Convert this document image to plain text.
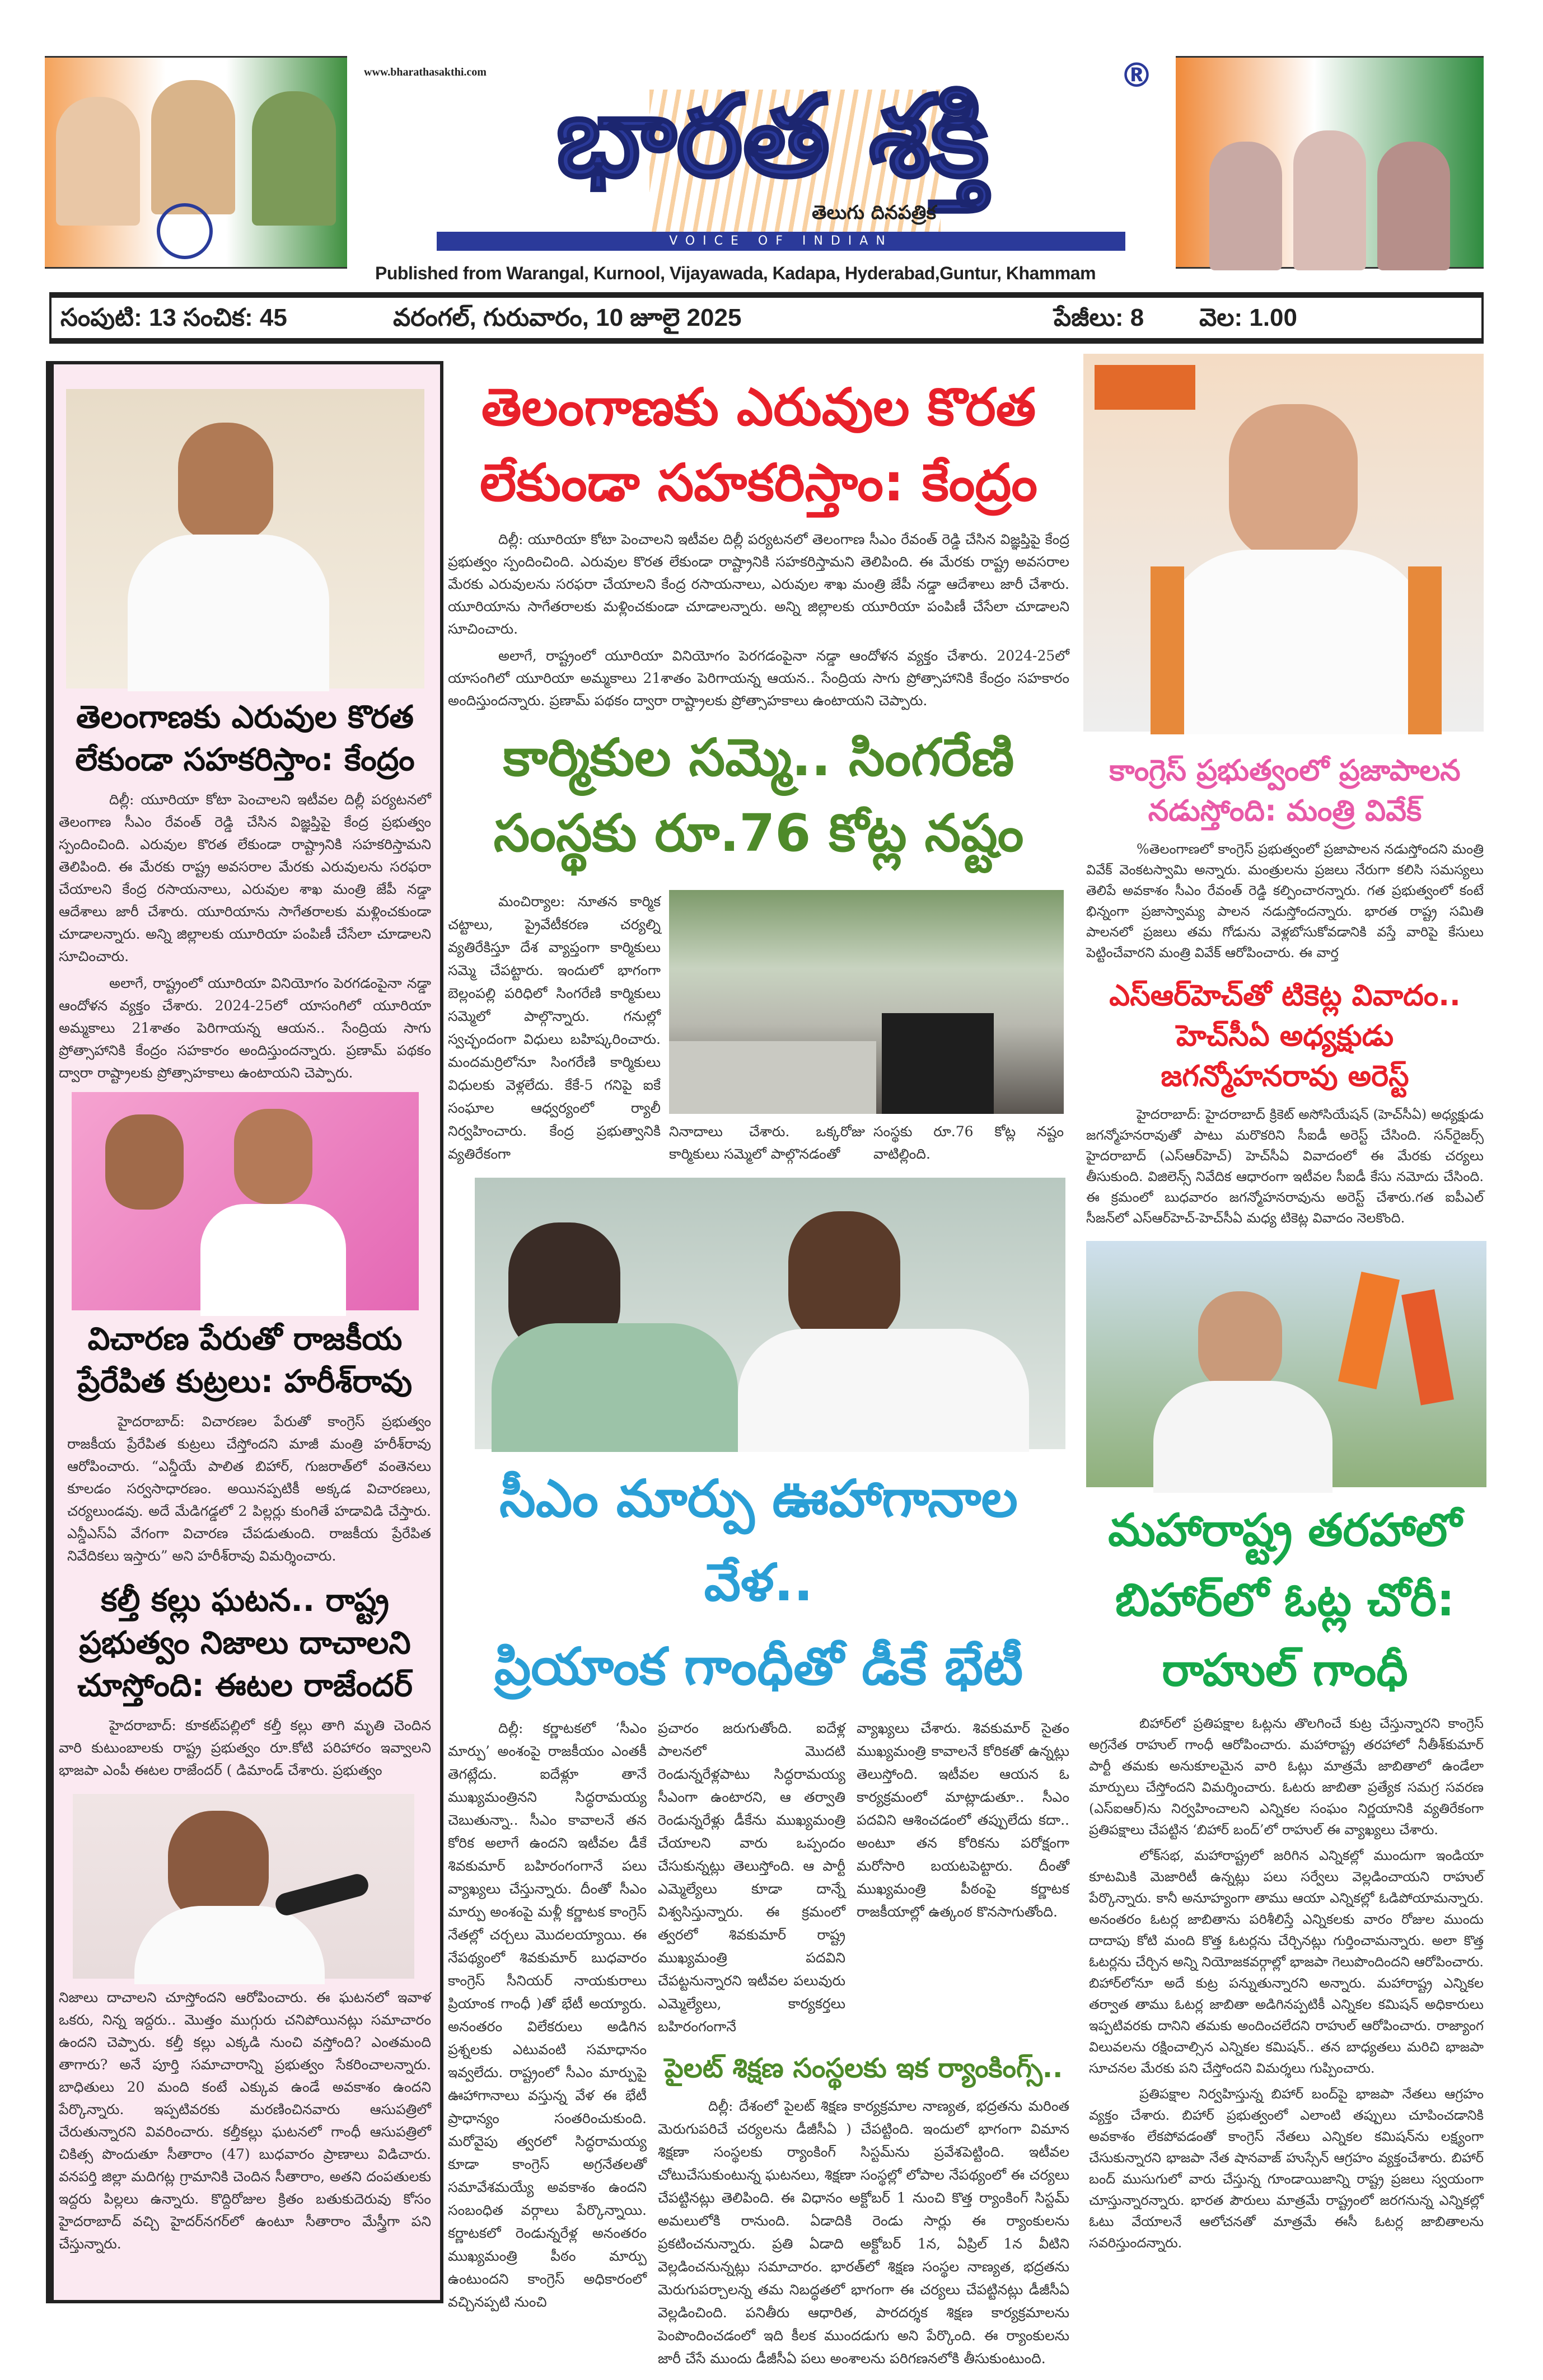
www.bharathasakthi.com భారత శక్తి	®
తెలుగు దినపత్రిక
VOICE OF INDIAN
Published from Warangal, Kurnool, Vijayawada, Kadapa, Hyderabad,Guntur, Khammam
సంపుటి: 13 సంచిక: 45	వరంగల్, గురువారం, 10 జూలై 2025	పేజీలు: 8 వెల: 1.00
తెలంగాణకు ఎరువుల కొరత లేకుండా సహకరిస్తాం: కేంద్రం

దిల్లీ: యూరియా కోటా పెంచాలని ఇటీవల దిల్లీ పర్యటనలో తెలంగాణ సీఎం రేవంత్ రెడ్డి చేసిన విజ్ఞప్తిపై కేంద్ర ప్రభుత్వం స్పందించింది. ఎరువుల కొరత లేకుండా రాష్ట్రానికి సహకరిస్తామని తెలిపింది. ఈ మేరకు రాష్ట్ర అవసరాల మేరకు ఎరువులను సరఫరా చేయాలని కేంద్ర రసాయనాలు, ఎరువుల శాఖ మంత్రి జేపీ నడ్డా ఆదేశాలు జారీ చేశారు. యూరియాను సాగేతరాలకు మళ్లించకుండా చూడాలన్నారు. అన్ని జిల్లాలకు యూరియా పంపిణీ చేసేలా చూడాలని సూచించారు.

అలాగే, రాష్ట్రంలో యూరియా వినియోగం పెరగడంపైనా నడ్డా ఆందోళన వ్యక్తం చేశారు. 2024-25లో యాసంగిలో యూరియా అమ్మకాలు 21శాతం పెరిగాయన్న ఆయన.. సేంద్రియ సాగు ప్రోత్సాహానికి కేంద్రం సహకారం అందిస్తుందన్నారు. ప్రణామ్ పథకం ద్వారా రాష్ట్రాలకు ప్రోత్సాహకాలు ఉంటాయని చెప్పారు.

విచారణ పేరుతో రాజకీయ ప్రేరేపిత కుట్రలు: హరీశ్‌రావు

హైదరాబాద్: విచారణల పేరుతో కాంగ్రెస్ ప్రభుత్వం రాజకీయ ప్రేరేపిత కుట్రలు చేస్తోందని మాజీ మంత్రి హరీశ్‌రావు ఆరోపించారు. “ఎన్డీయే పాలిత బిహార్, గుజరాత్‌లో వంతెనలు కూలడం సర్వసాధారణం. అయినప్పటికీ అక్కడ విచారణలు, చర్యలుండవు. అదే మేడిగడ్డలో 2 పిల్లర్లు కుంగితే హడావిడి చేస్తారు. ఎన్డీఎస్‌ఏ వేగంగా విచారణ చేపడుతుంది. రాజకీయ ప్రేరేపిత నివేదికలు ఇస్తారు” అని హరీశ్‌రావు విమర్శించారు.

కల్తీ కల్లు ఘటన.. రాష్ట్ర ప్రభుత్వం నిజాలు దాచాలని చూస్తోంది: ఈటల రాజేందర్

హైదరాబాద్: కూకట్‌పల్లిలో కల్తీ కల్లు తాగి మృతి చెందిన వారి కుటుంబాలకు రాష్ట్ర ప్రభుత్వం రూ.కోటి పరిహారం ఇవ్వాలని భాజపా ఎంపీ ఈటల రాజేందర్ ( డిమాండ్ చేశారు. ప్రభుత్వం

నిజాలు దాచాలని చూస్తోందని ఆరోపించారు. ఈ ఘటనలో ఇవాళ ఒకరు, నిన్న ఇద్దరు.. మొత్తం ముగ్గురు చనిపోయినట్లు సమాచారం ఉందని చెప్పారు. కల్తీ కల్లు ఎక్కడి నుంచి వస్తోంది? ఎంతమంది తాగారు? అనే పూర్తి సమాచారాన్ని ప్రభుత్వం సేకరించాలన్నారు. బాధితులు 20 మంది కంటే ఎక్కువ ఉండే అవకాశం ఉందని పేర్కొన్నారు. ఇప్పటివరకు మరణించినవారు ఆసుపత్రిలో చేరుతున్నారని వివరించారు. కల్తీకల్లు ఘటనలో గాంధీ ఆసుపత్రిలో చికిత్స పొందుతూ సీతారాం (47) బుధవారం ప్రాణాలు విడిచారు. వనపర్తి జిల్లా మదిగట్ల గ్రామానికి చెందిన సీతారాం, అతని దంపతులకు ఇద్దరు పిల్లలు ఉన్నారు. కొద్దిరోజుల క్రితం బతుకుదెరువు కోసం హైదరాబాద్ వచ్చి హైదర్‌నగర్‌లో ఉంటూ సీతారాం మేస్త్రీగా పని చేస్తున్నారు.

తెలంగాణకు ఎరువుల కొరత
లేకుండా సహకరిస్తాం: కేంద్రం

దిల్లీ: యూరియా కోటా పెంచాలని ఇటీవల దిల్లీ పర్యటనలో తెలంగాణ సీఎం రేవంత్ రెడ్డి చేసిన విజ్ఞప్తిపై కేంద్ర ప్రభుత్వం స్పందించింది. ఎరువుల కొరత లేకుండా రాష్ట్రానికి సహకరిస్తామని తెలిపింది. ఈ మేరకు రాష్ట్ర అవసరాల మేరకు ఎరువులను సరఫరా చేయాలని కేంద్ర రసాయనాలు, ఎరువుల శాఖ మంత్రి జేపీ నడ్డా ఆదేశాలు జారీ చేశారు. యూరియాను సాగేతరాలకు మళ్లించకుండా చూడాలన్నారు. అన్ని జిల్లాలకు యూరియా పంపిణీ చేసేలా చూడాలని సూచించారు.

అలాగే, రాష్ట్రంలో యూరియా వినియోగం పెరగడంపైనా నడ్డా ఆందోళన వ్యక్తం చేశారు. 2024-25లో యాసంగిలో యూరియా అమ్మకాలు 21శాతం పెరిగాయన్న ఆయన.. సేంద్రియ సాగు ప్రోత్సాహానికి కేంద్రం సహకారం అందిస్తుందన్నారు. ప్రణామ్ పథకం ద్వారా రాష్ట్రాలకు ప్రోత్సాహకాలు ఉంటాయని చెప్పారు.

కార్మికుల సమ్మె.. సింగరేణి
సంస్థకు రూ.76 కోట్ల నష్టం

మంచిర్యాల: నూతన కార్మిక చట్టాలు, ప్రైవేటీకరణ చర్యల్ని వ్యతిరేకిస్తూ దేశ వ్యాప్తంగా కార్మికులు సమ్మె చేపట్టారు. ఇందులో భాగంగా బెల్లంపల్లి పరిధిలో సింగరేణి కార్మికులు సమ్మెలో పాల్గొన్నారు. గనుల్లో స్వచ్ఛందంగా విధులు బహిష్కరించారు. మందమర్రిలోనూ సింగరేణి కార్మికులు విధులకు వెళ్లలేదు. కేకే-5 గనిపై ఐకే సంఘాల ఆధ్వర్యంలో ర్యాలీ నిర్వహించారు. కేంద్ర ప్రభుత్వానికి వ్యతిరేకంగా

నినాదాలు చేశారు. ఒక్కరోజు కార్మికులు సమ్మెలో పాల్గొనడంతో

సంస్థకు రూ.76 కోట్ల నష్టం వాటిల్లింది.

సీఎం మార్పు ఊహాగానాల వేళ..
ప్రియాంక గాంధీతో డీకే భేటీ

దిల్లీ: కర్ణాటకలో ‘సీఎం మార్పు’ అంశంపై రాజకీయం ఎంతకీ తెగట్లేదు. ఐదేళ్లూ తానే ముఖ్యమంత్రినని సిద్ధరామయ్య చెబుతున్నా.. సీఎం కావాలనే తన కోరిక అలాగే ఉందని ఇటీవల డీకే శివకుమార్ బహిరంగంగానే పలు వ్యాఖ్యలు చేస్తున్నారు. దీంతో సీఎం మార్పు అంశంపై మళ్లీ కర్ణాటక కాంగ్రెస్ నేతల్లో చర్చలు మొదలయ్యాయి. ఈ నేపథ్యంలో శివకుమార్ బుధవారం కాంగ్రెస్ సీనియర్ నాయకురాలు ప్రియాంక గాంధీ )తో భేటీ అయ్యారు. అనంతరం విలేకరులు అడిగిన ప్రశ్నలకు ఎటువంటి సమాధానం ఇవ్వలేదు. రాష్ట్రంలో సీఎం మార్పుపై ఊహాగానాలు వస్తున్న వేళ ఈ భేటీ ప్రాధాన్యం సంతరించుకుంది. మరోవైపు త్వరలో సిద్ధరామయ్య కూడా కాంగ్రెస్ అగ్రనేతలతో సమావేశమయ్యే అవకాశం ఉందని సంబంధిత వర్గాలు పేర్కొన్నాయి. కర్ణాటకలో రెండున్నరేళ్ల అనంతరం ముఖ్యమంత్రి పీఠం మార్పు ఉంటుందని కాంగ్రెస్ అధికారంలో వచ్చినప్పటి నుంచి

ప్రచారం జరుగుతోంది. ఐదేళ్ల పాలనలో మొదటి రెండున్నరేళ్లపాటు సిద్ధరామయ్య సీఎంగా ఉంటారని, ఆ తర్వాతి రెండున్నరేళ్లు డీకేను ముఖ్యమంత్రి చేయాలని వారు ఒప్పందం చేసుకున్నట్లు తెలుస్తోంది. ఆ పార్టీ ఎమ్మెల్యేలు కూడా దాన్నే విశ్వసిస్తున్నారు. ఈ క్రమంలో త్వరలో శివకుమార్ రాష్ట్ర ముఖ్యమంత్రి పదవిని చేపట్టనున్నారని ఇటీవల పలువురు ఎమ్మెల్యేలు, కార్యకర్తలు బహిరంగంగానే

వ్యాఖ్యలు చేశారు. శివకుమార్ సైతం ముఖ్యమంత్రి కావాలనే కోరికతో ఉన్నట్లు తెలుస్తోంది. ఇటీవల ఆయన ఓ కార్యక్రమంలో మాట్లాడుతూ.. సీఎం పదవిని ఆశించడంలో తప్పులేదు కదా.. అంటూ తన కోరికను పరోక్షంగా మరోసారి బయటపెట్టారు. దీంతో ముఖ్యమంత్రి పీఠంపై కర్ణాటక రాజకీయాల్లో ఉత్కంఠ కొనసాగుతోంది.

పైలట్ శిక్షణ సంస్థలకు ఇక ర్యాంకింగ్స్..

దిల్లీ: దేశంలో పైలట్ శిక్షణ కార్యక్రమాల నాణ్యత, భద్రతను మరింత మెరుగుపరిచే చర్యలను డీజీసీఏ ) చేపట్టింది. ఇందులో భాగంగా విమాన శిక్షణా సంస్థలకు ర్యాంకింగ్ సిస్టమ్‌ను ప్రవేశపెట్టింది. ఇటీవల చోటుచేసుకుంటున్న ఘటనలు, శిక్షణా సంస్థల్లో లోపాల నేపథ్యంలో ఈ చర్యలు చేపట్టినట్లు తెలిపింది. ఈ విధానం అక్టోబర్ 1 నుంచి కొత్త ర్యాంకింగ్ సిస్టమ్ అమలులోకి రానుంది. ఏడాదికి రెండు సార్లు ఈ ర్యాంకులను ప్రకటించనున్నారు. ప్రతి ఏడాది అక్టోబర్ 1న, ఏప్రిల్ 1న వీటిని వెల్లడించనున్నట్లు సమాచారం. భారత్‌లో శిక్షణ సంస్థల నాణ్యత, భద్రతను మెరుగుపర్చాలన్న తమ నిబద్ధతలో భాగంగా ఈ చర్యలు చేపట్టినట్లు డీజీసీఏ వెల్లడించింది. పనితీరు ఆధారిత, పారదర్శక శిక్షణ కార్యక్రమాలను పెంపొందించడంలో ఇది కీలక ముందడుగు అని పేర్కొంది. ఈ ర్యాంకులను జారీ చేసే ముందు డీజీసీఏ పలు అంశాలను పరిగణనలోకి తీసుకుంటుంది.

కాంగ్రెస్ ప్రభుత్వంలో ప్రజాపాలన నడుస్తోంది: మంత్రి వివేక్

%తెలంగాణలో కాంగ్రెస్ ప్రభుత్వంలో ప్రజాపాలన నడుస్తోందని మంత్రి వివేక్ వెంకటస్వామి అన్నారు. మంత్రులను ప్రజలు నేరుగా కలిసి సమస్యలు తెలిపే అవకాశం సీఎం రేవంత్ రెడ్డి కల్పించారన్నారు. గత ప్రభుత్వంలో కంటే భిన్నంగా ప్రజాస్వామ్య పాలన నడుస్తోందన్నారు. భారత రాష్ట్ర సమితి పాలనలో ప్రజలు తమ గోడును వెళ్లబోసుకోవడానికి వస్తే వారిపై కేసులు పెట్టించేవారని మంత్రి వివేక్ ఆరోపించారు. ఈ వార్త

ఎస్ఆర్‌హెచ్‌తో టికెట్ల వివాదం.. హెచ్‌సీఏ అధ్యక్షుడు జగన్మోహనరావు అరెస్ట్

హైదరాబాద్: హైదరాబాద్ క్రికెట్ అసోసియేషన్ (హెచ్‌సీఏ) అధ్యక్షుడు జగన్మోహనరావుతో పాటు మరొకరిని సీఐడీ అరెస్ట్ చేసింది. సన్‌రైజర్స్ హైదరాబాద్ (ఎస్ఆర్‌హెచ్) హెచ్‌సీఏ వివాదంలో ఈ మేరకు చర్యలు తీసుకుంది. విజిలెన్స్ నివేదిక ఆధారంగా ఇటీవల సీఐడీ కేసు నమోదు చేసింది. ఈ క్రమంలో బుధవారం జగన్మోహనరావును అరెస్ట్ చేశారు.గత ఐపీఎల్ సీజన్‌లో ఎస్ఆర్‌హెచ్-హెచ్‌సీఏ మధ్య టికెట్ల వివాదం నెలకొంది.

మహారాష్ట్ర తరహాలో
బిహార్‌లో ఓట్ల చోరీ:
రాహుల్ గాంధీ

బిహార్‌లో ప్రతిపక్షాల ఓట్లను తొలగించే కుట్ర చేస్తున్నారని కాంగ్రెస్ అగ్రనేత రాహుల్ గాంధీ ఆరోపించారు. మహారాష్ట్ర తరహాలో నీతీశ్‌కుమార్ పార్టీ తమకు అనుకూలమైన వారి ఓట్లు మాత్రమే జాబితాలో ఉండేలా మార్పులు చేస్తోందని విమర్శించారు. ఓటరు జాబితా ప్రత్యేక సమగ్ర సవరణ (ఎస్ఐఆర్)ను నిర్వహించాలని ఎన్నికల సంఘం నిర్ణయానికి వ్యతిరేకంగా ప్రతిపక్షాలు చేపట్టిన ‘బిహార్ బంద్’లో రాహుల్ ఈ వ్యాఖ్యలు చేశారు.

లోక్‌సభ, మహారాష్ట్రలో జరిగిన ఎన్నికల్లో ముందుగా ఇండియా కూటమికి మెజారిటీ ఉన్నట్లు పలు సర్వేలు వెల్లడించాయని రాహుల్ పేర్కొన్నారు. కానీ అనూహ్యంగా తాము ఆయా ఎన్నికల్లో ఓడిపోయామన్నారు. అనంతరం ఓటర్ల జాబితాను పరిశీలిస్తే ఎన్నికలకు వారం రోజుల ముందు దాదాపు కోటి మంది కొత్త ఓటర్లను చేర్చినట్లు గుర్తించామన్నారు. అలా కొత్త ఓటర్లను చేర్చిన అన్ని నియోజకవర్గాల్లో భాజపా గెలుపొందిందని ఆరోపించారు. బిహార్‌లోనూ అదే కుట్ర పన్నుతున్నారని అన్నారు. మహారాష్ట్ర ఎన్నికల తర్వాత తాము ఓటర్ల జాబితా అడిగినప్పటికీ ఎన్నికల కమిషన్ అధికారులు ఇప్పటివరకు దానిని తమకు అందించలేదని రాహుల్ ఆరోపించారు. రాజ్యాంగ విలువలను రక్షించాల్సిన ఎన్నికల కమిషన్.. తన బాధ్యతలు మరిచి భాజపా సూచనల మేరకు పని చేస్తోందని విమర్శలు గుప్పించారు.

ప్రతిపక్షాల నిర్వహిస్తున్న బిహార్ బంద్‌పై భాజపా నేతలు ఆగ్రహం వ్యక్తం చేశారు. బిహార్ ప్రభుత్వంలో ఎలాంటి తప్పులు చూపించడానికి అవకాశం లేకపోవడంతో కాంగ్రెస్ నేతలు ఎన్నికల కమిషన్‌ను లక్ష్యంగా చేసుకున్నారని భాజపా నేత షానవాజ్ హుస్సేన్ ఆగ్రహం వ్యక్తంచేశారు. బిహార్ బంద్ ముసుగులో వారు చేస్తున్న గూండాయిజాన్ని రాష్ట్ర ప్రజలు స్వయంగా చూస్తున్నారన్నారు. భారత పౌరులు మాత్రమే రాష్ట్రంలో జరగనున్న ఎన్నికల్లో ఓటు వేయాలనే ఆలోచనతో మాత్రమే ఈసీ ఓటర్ల జాబితాలను సవరిస్తుందన్నారు.
